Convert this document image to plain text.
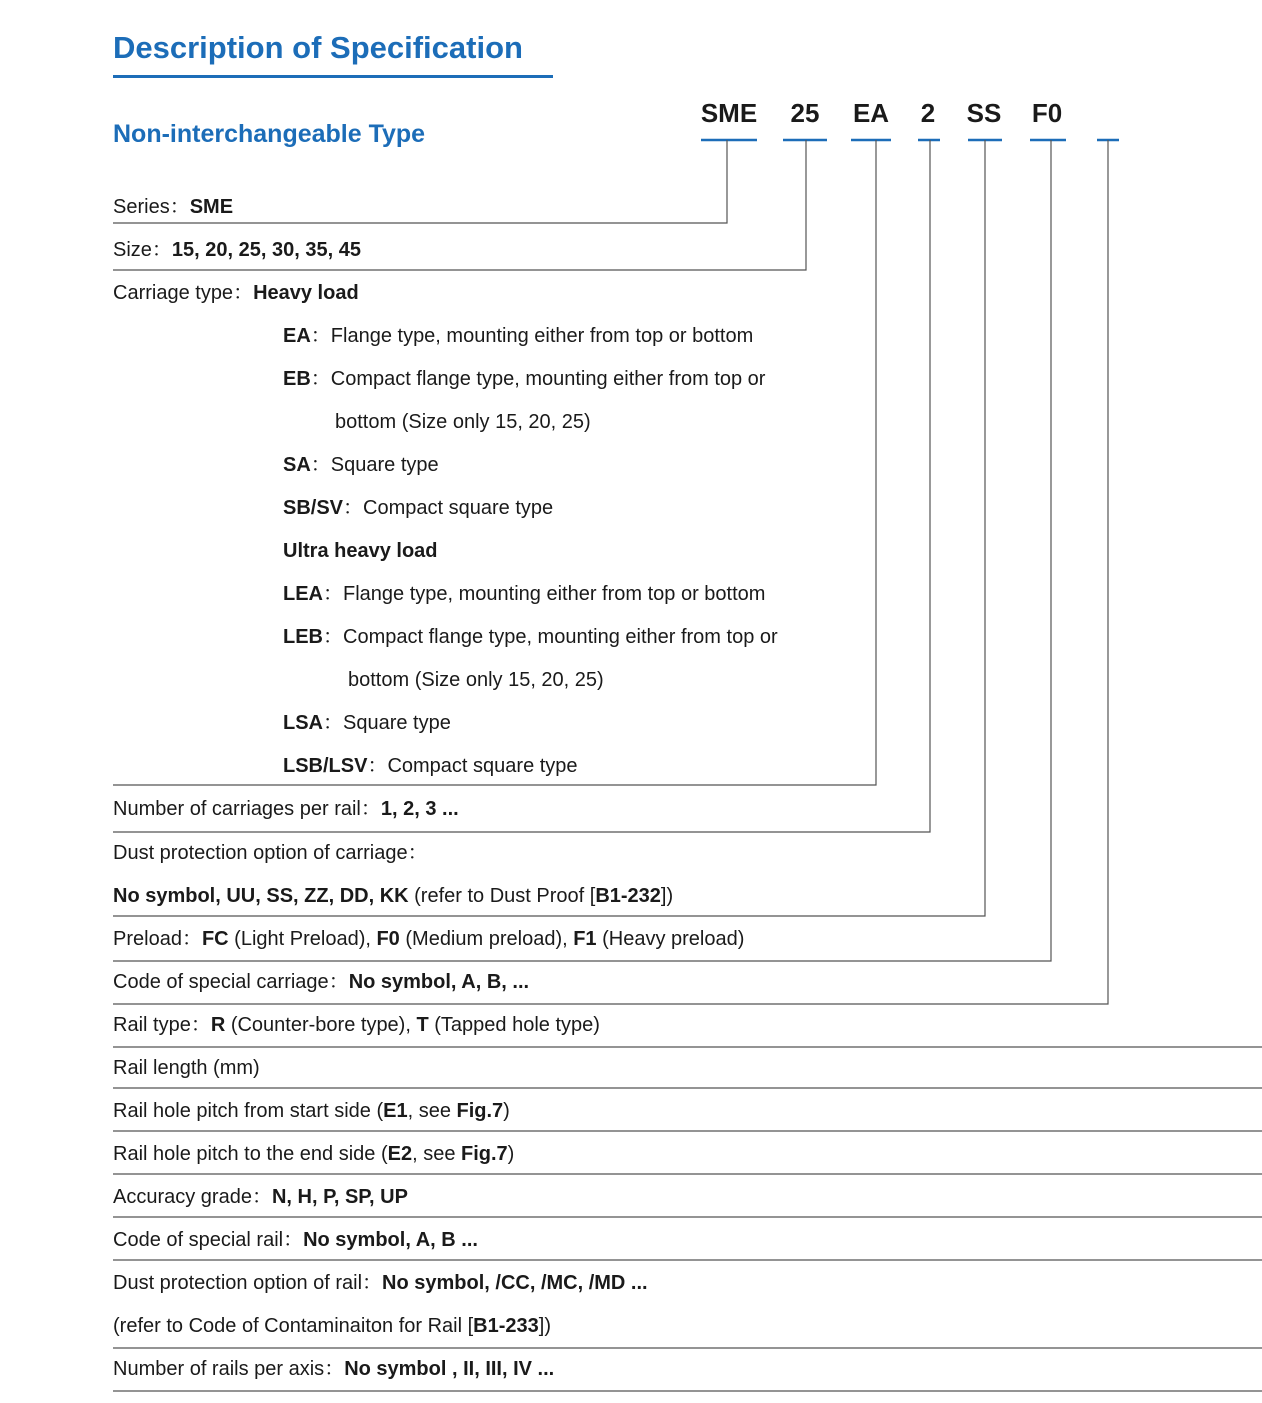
Description of Specification
Non-interchangeable Type
SME 25 EA 2 SS F0
Series：SME
Size：15, 20, 25, 30, 35, 45
Carriage type：Heavy load
EA：Flange type, mounting either from top or bottom
EB：Compact flange type, mounting either from top or
bottom (Size only 15, 20, 25)
SA：Square type
SB/SV：Compact square type
Ultra heavy load
LEA：Flange type, mounting either from top or bottom
LEB：Compact flange type, mounting either from top or
bottom (Size only 15, 20, 25)
LSA：Square type
LSB/LSV：Compact square type
Number of carriages per rail：1, 2, 3 ...
Dust protection option of carriage：
No symbol, UU, SS, ZZ, DD, KK (refer to Dust Proof [B1-232])
Preload：FC (Light Preload), F0 (Medium preload), F1 (Heavy preload)
Code of special carriage：No symbol, A, B, ...
Rail type：R (Counter-bore type), T (Tapped hole type)
Rail length (mm)
Rail hole pitch from start side (E1, see Fig.7)
Rail hole pitch to the end side (E2, see Fig.7)
Accuracy grade：N, H, P, SP, UP
Code of special rail：No symbol, A, B ...
Dust protection option of rail：No symbol, /CC, /MC, /MD ...
(refer to Code of Contaminaiton for Rail [B1-233])
Number of rails per axis：No symbol , II, III, IV ...
